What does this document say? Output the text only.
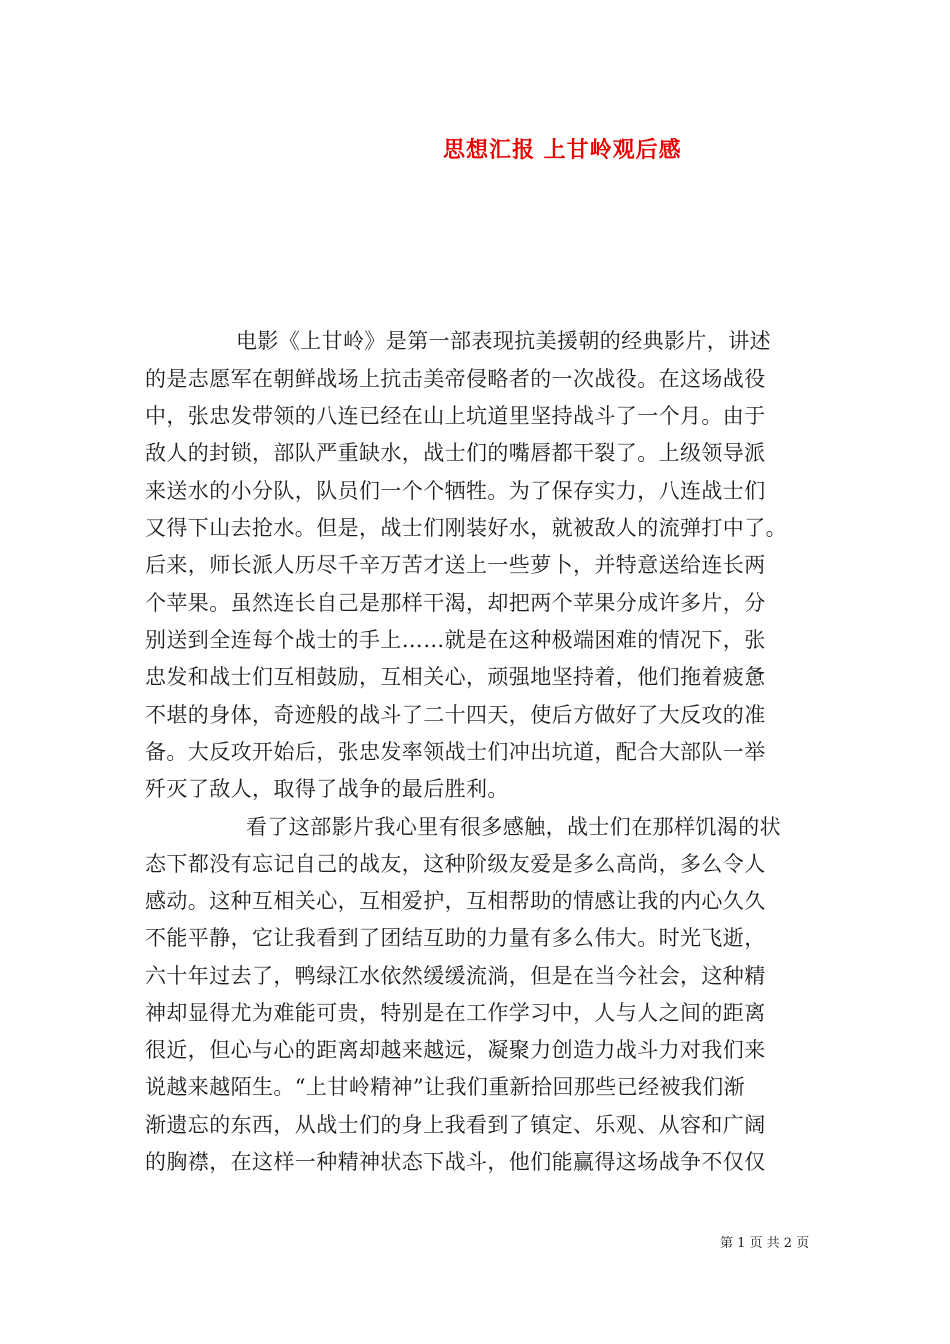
思想汇报 上甘岭观后感
电影《上甘岭》是第一部表现抗美援朝的经典影片，讲述
的是志愿军在朝鲜战场上抗击美帝侵略者的一次战役。在这场战役
中，张忠发带领的八连已经在山上坑道里坚持战斗了一个月。由于
敌人的封锁，部队严重缺水，战士们的嘴唇都干裂了。上级领导派
来送水的小分队，队员们一个个牺牲。为了保存实力，八连战士们
又得下山去抢水。但是，战士们刚装好水，就被敌人的流弹打中了。
后来，师长派人历尽千辛万苦才送上一些萝卜，并特意送给连长两
个苹果。虽然连长自己是那样干渴，却把两个苹果分成许多片，分
别送到全连每个战士的手上……就是在这种极端困难的情况下，张
忠发和战士们互相鼓励，互相关心，顽强地坚持着，他们拖着疲惫
不堪的身体，奇迹般的战斗了二十四天，使后方做好了大反攻的准
备。大反攻开始后，张忠发率领战士们冲出坑道，配合大部队一举
歼灭了敌人，取得了战争的最后胜利。
看了这部影片我心里有很多感触，战士们在那样饥渴的状
态下都没有忘记自己的战友，这种阶级友爱是多么高尚，多么令人
感动。这种互相关心，互相爱护，互相帮助的情感让我的内心久久
不能平静，它让我看到了团结互助的力量有多么伟大。时光飞逝，
六十年过去了，鸭绿江水依然缓缓流淌，但是在当今社会，这种精
神却显得尤为难能可贵，特别是在工作学习中，人与人之间的距离
很近，但心与心的距离却越来越远，凝聚力创造力战斗力对我们来
说越来越陌生。“上甘岭精神”让我们重新拾回那些已经被我们渐
渐遗忘的东西，从战士们的身上我看到了镇定、乐观、从容和广阔
的胸襟，在这样一种精神状态下战斗，他们能赢得这场战争不仅仅
第 1 页 共 2 页
